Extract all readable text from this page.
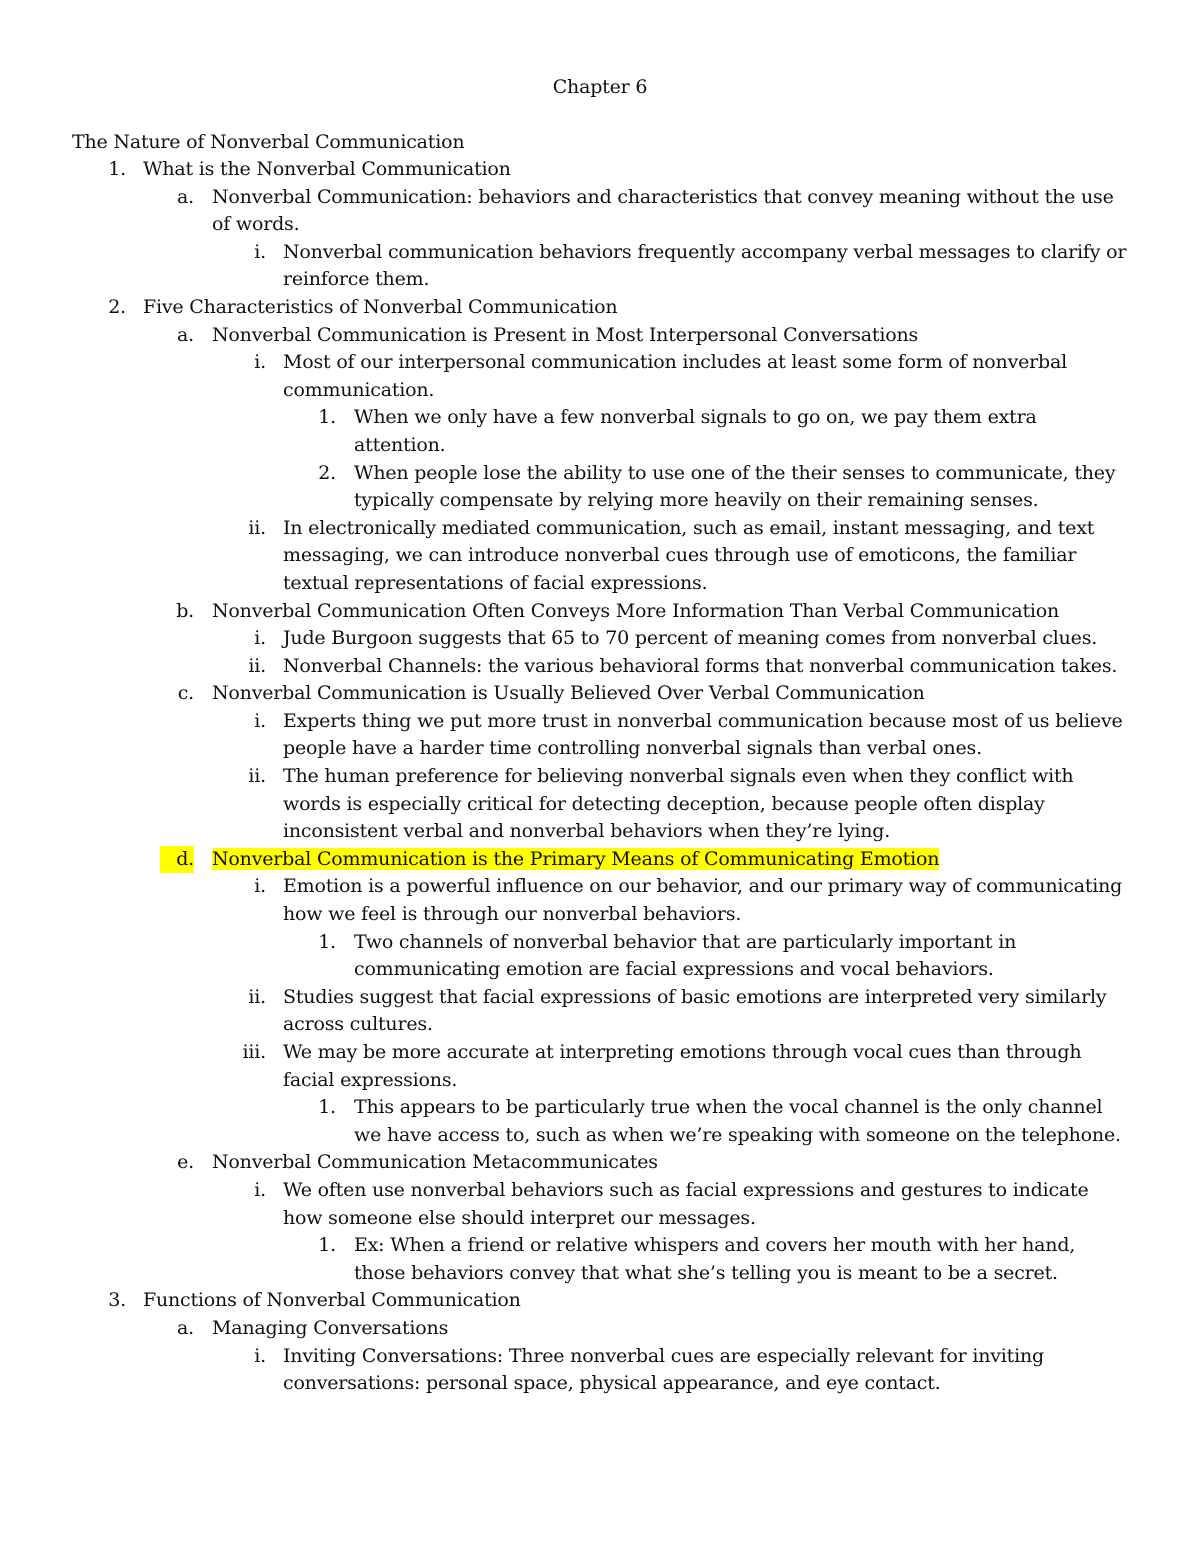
Chapter 6
The Nature of Nonverbal Communication
1. What is the Nonverbal Communication
a. Nonverbal Communication: behaviors and characteristics that convey meaning without the use of words.
i. Nonverbal communication behaviors frequently accompany verbal messages to clarify or reinforce them.
2. Five Characteristics of Nonverbal Communication
a. Nonverbal Communication is Present in Most Interpersonal Conversations
i. Most of our interpersonal communication includes at least some form of nonverbal communication.
1. When we only have a few nonverbal signals to go on, we pay them extra attention.
2. When people lose the ability to use one of the their senses to communicate, they typically compensate by relying more heavily on their remaining senses.
ii. In electronically mediated communication, such as email, instant messaging, and text messaging, we can introduce nonverbal cues through use of emoticons, the familiar textual representations of facial expressions.
b. Nonverbal Communication Often Conveys More Information Than Verbal Communication
i. Jude Burgoon suggests that 65 to 70 percent of meaning comes from nonverbal clues.
ii. Nonverbal Channels: the various behavioral forms that nonverbal communication takes.
c. Nonverbal Communication is Usually Believed Over Verbal Communication
i. Experts thing we put more trust in nonverbal communication because most of us believe people have a harder time controlling nonverbal signals than verbal ones.
ii. The human preference for believing nonverbal signals even when they conflict with words is especially critical for detecting deception, because people often display inconsistent verbal and nonverbal behaviors when they’re lying.
d. Nonverbal Communication is the Primary Means of Communicating Emotion
i. Emotion is a powerful influence on our behavior, and our primary way of communicating how we feel is through our nonverbal behaviors.
1. Two channels of nonverbal behavior that are particularly important in communicating emotion are facial expressions and vocal behaviors.
ii. Studies suggest that facial expressions of basic emotions are interpreted very similarly across cultures.
iii. We may be more accurate at interpreting emotions through vocal cues than through facial expressions.
1. This appears to be particularly true when the vocal channel is the only channel we have access to, such as when we’re speaking with someone on the telephone.
e. Nonverbal Communication Metacommunicates
i. We often use nonverbal behaviors such as facial expressions and gestures to indicate how someone else should interpret our messages.
1. Ex: When a friend or relative whispers and covers her mouth with her hand, those behaviors convey that what she’s telling you is meant to be a secret.
3. Functions of Nonverbal Communication
a. Managing Conversations
i. Inviting Conversations: Three nonverbal cues are especially relevant for inviting conversations: personal space, physical appearance, and eye contact.
